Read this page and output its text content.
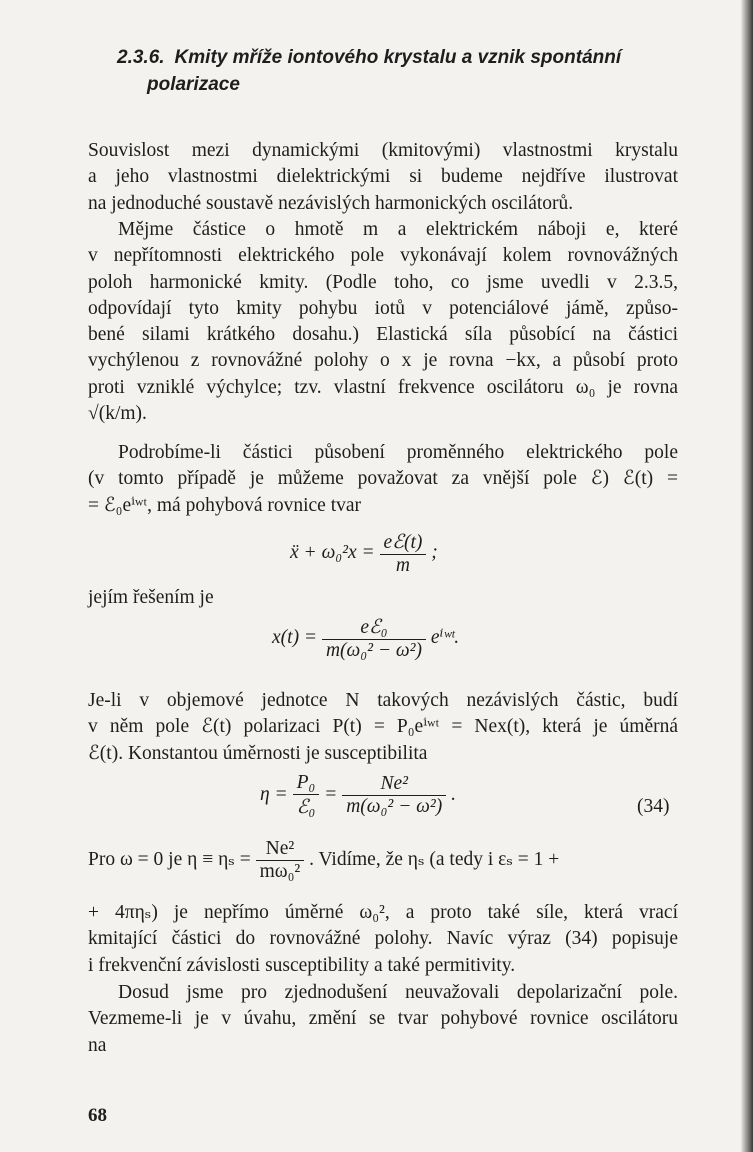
2.3.6. Kmity mříže iontového krystalu a vznik spontánní
polarizace
Souvislost mezi dynamickými (kmitovými) vlastnostmi krystalu
a jeho vlastnostmi dielektrickými si budeme nejdříve ilustrovat
na jednoduché soustavě nezávislých harmonických oscilátorů.
Mějme částice o hmotě m a elektrickém náboji e, které
v nepřítomnosti elektrického pole vykonávají kolem rovnovážných
poloh harmonické kmity. (Podle toho, co jsme uvedli v 2.3.5,
odpovídají tyto kmity pohybu iotů v potenciálové jámě, způso-
bené silami krátkého dosahu.) Elastická síla působící na částici
vychýlenou z rovnovážné polohy o x je rovna −kx, a působí proto
proti vzniklé výchylce; tzv. vlastní frekvence oscilátoru ω₀ je rovna
√(k/m).
Podrobíme-li částici působení proměnného elektrického pole
(v tomto případě je můžeme považovat za vnější pole ℰ) ℰ(t) =
= ℰ₀eⁱʷᵗ, má pohybová rovnice tvar
ẍ + $\omega_0^2x = \frac{\text{eℰ(t)}}{m}$ ;
jejím řešením je
$x(t) = \frac{\text{eℰ₀}}{\text{m(ω₀² − ω²)}}$ eⁱʷᵗ.
Je-li v objemové jednotce N takových nezávislých částic, budí
v něm pole ℰ(t) polarizaci P(t) = P₀eⁱʷᵗ = Nex(t), která je úměrná
ℰ(t). Konstantou úměrnosti je susceptibilita
$\eta = \frac{\text{P₀}}{\text{ℰ₀}} = \frac{\text{Ne²}}{\text{m(ω₀² − ω²)}}$ .
(34)
Pro ω = 0 je $\eta \equiv \eta_s = \frac{\text{Ne²}}{\text{mω₀²}}$ . Vidíme, že ηₛ (a tedy i εₛ = 1 +
+ 4πηₛ) je nepřímo úměrné ω₀², a proto také síle, která vrací
kmitající částici do rovnovážné polohy. Navíc výraz (34) popisuje
i frekvenční závislosti susceptibility a také permitivity.
Dosud jsme pro zjednodušení neuvažovali depolarizační pole.
Vezmeme-li je v úvahu, změní se tvar pohybové rovnice oscilátoru
na
68
